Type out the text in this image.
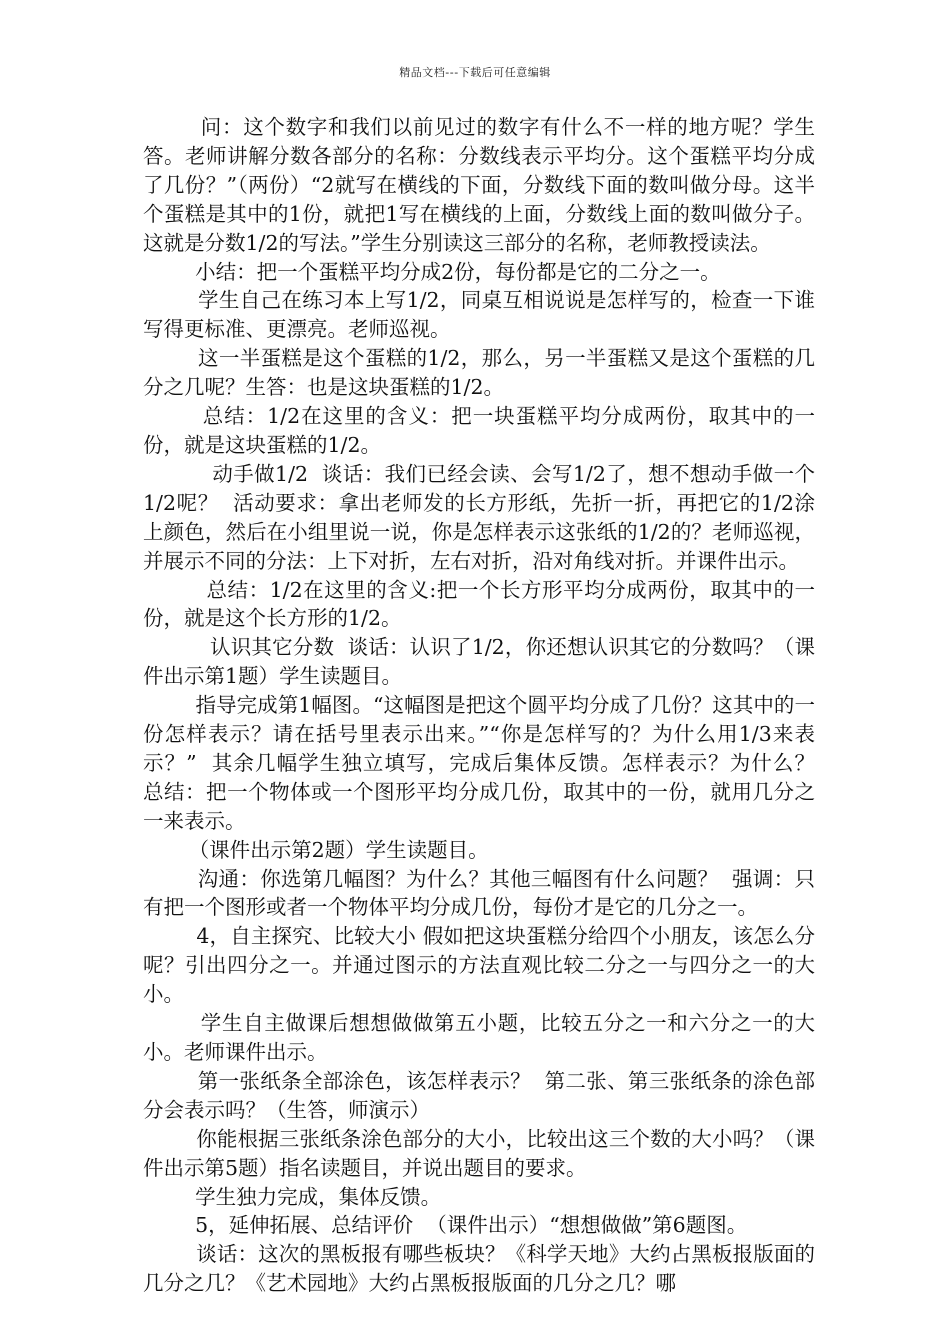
精品文档---下载后可任意编辑

问：这个数字和我们以前见过的数字有什么不一样的地方呢？学生答。老师讲解分数各部分的名称：分数线表示平均分。这个蛋糕平均分成了几份？”（两份）“2就写在横线的下面，分数线下面的数叫做分母。这半个蛋糕是其中的1份，就把1写在横线的上面，分数线上面的数叫做分子。这就是分数1/2的写法。”学生分别读这三部分的名称，老师教授读法。

小结：把一个蛋糕平均分成2份，每份都是它的二分之一。

学生自己在练习本上写1/2，同桌互相说说是怎样写的，检查一下谁写得更标准、更漂亮。老师巡视。

这一半蛋糕是这个蛋糕的1/2，那么，另一半蛋糕又是这个蛋糕的几分之几呢？生答：也是这块蛋糕的1/2。

总结：1/2在这里的含义：把一块蛋糕平均分成两份，取其中的一份，就是这块蛋糕的1/2。

动手做1/2  谈话：我们已经会读、会写1/2了，想不想动手做一个1/2呢？  活动要求：拿出老师发的长方形纸，先折一折，再把它的1/2涂上颜色，然后在小组里说一说，你是怎样表示这张纸的1/2的？老师巡视，并展示不同的分法：上下对折，左右对折，沿对角线对折。并课件出示。

总结：1/2在这里的含义:把一个长方形平均分成两份，取其中的一份，就是这个长方形的1/2。

认识其它分数  谈话：认识了1/2，你还想认识其它的分数吗？（课件出示第1题）学生读题目。

指导完成第1幅图。“这幅图是把这个圆平均分成了几份？这其中的一份怎样表示？请在括号里表示出来。”“你是怎样写的？为什么用1/3来表示？”  其余几幅学生独立填写，完成后集体反馈。怎样表示？为什么？  总结：把一个物体或一个图形平均分成几份，取其中的一份，就用几分之一来表示。

（课件出示第2题）学生读题目。

沟通：你选第几幅图？为什么？其他三幅图有什么问题？  强调：只有把一个图形或者一个物体平均分成几份，每份才是它的几分之一。

4，自主探究、比较大小 假如把这块蛋糕分给四个小朋友，该怎么分呢？引出四分之一。并通过图示的方法直观比较二分之一与四分之一的大小。

学生自主做课后想想做做第五小题，比较五分之一和六分之一的大小。老师课件出示。

第一张纸条全部涂色，该怎样表示？  第二张、第三张纸条的涂色部分会表示吗？（生答，师演示）

你能根据三张纸条涂色部分的大小，比较出这三个数的大小吗？（课件出示第5题）指名读题目，并说出题目的要求。

学生独力完成，集体反馈。

5，延伸拓展、总结评价  （课件出示）“想想做做”第6题图。

谈话：这次的黑板报有哪些板块？《科学天地》大约占黑板报版面的几分之几？《艺术园地》大约占黑板报版面的几分之几？哪
